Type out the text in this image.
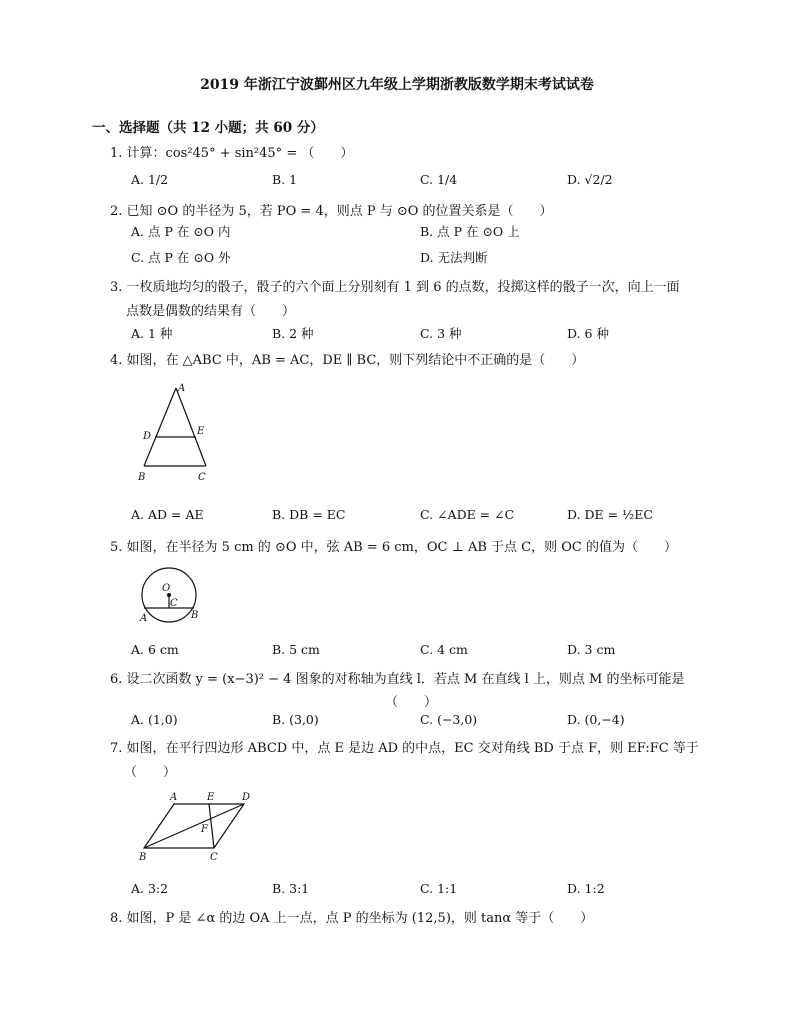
2019 年浙江宁波鄞州区九年级上学期浙教版数学期末考试试卷
一、选择题（共 12 小题；共 60 分）
1. 计算：cos²45° + sin²45° = （　　）
A. 1/2	B. 1	C. 1/4	D. √2/2
2. 已知 ⊙O 的半径为 5，若 PO = 4，则点 P 与 ⊙O 的位置关系是（　　）
A. 点 P 在 ⊙O 内	B. 点 P 在 ⊙O 上
C. 点 P 在 ⊙O 外	D. 无法判断
3. 一枚质地均匀的骰子，骰子的六个面上分别刻有 1 到 6 的点数，投掷这样的骰子一次，向上一面
点数是偶数的结果有（　　）
A. 1 种	B. 2 种	C. 3 种	D. 6 种
4. 如图，在 △ABC 中，AB = AC，DE ∥ BC，则下列结论中不正确的是（　　）
A
D	E
B	C
A. AD = AE	B. DB = EC	C. ∠ADE = ∠C	D. DE = ½EC
5. 如图，在半径为 5 cm 的 ⊙O 中，弦 AB = 6 cm，OC ⊥ AB 于点 C，则 OC 的值为（　　）
O
C
A	B
A. 6 cm	B. 5 cm	C. 4 cm	D. 3 cm
6. 设二次函数 y = (x−3)² − 4 图象的对称轴为直线 l．若点 M 在直线 l 上，则点 M 的坐标可能是
（　　）
A. (1,0)	B. (3,0)	C. (−3,0)	D. (0,−4)
7. 如图，在平行四边形 ABCD 中，点 E 是边 AD 的中点，EC 交对角线 BD 于点 F，则 EF:FC 等于
（　　）
A	E	D
F
B	C
A. 3:2	B. 3:1	C. 1:1	D. 1:2
8. 如图，P 是 ∠α 的边 OA 上一点，点 P 的坐标为 (12,5)，则 tanα 等于（　　）
